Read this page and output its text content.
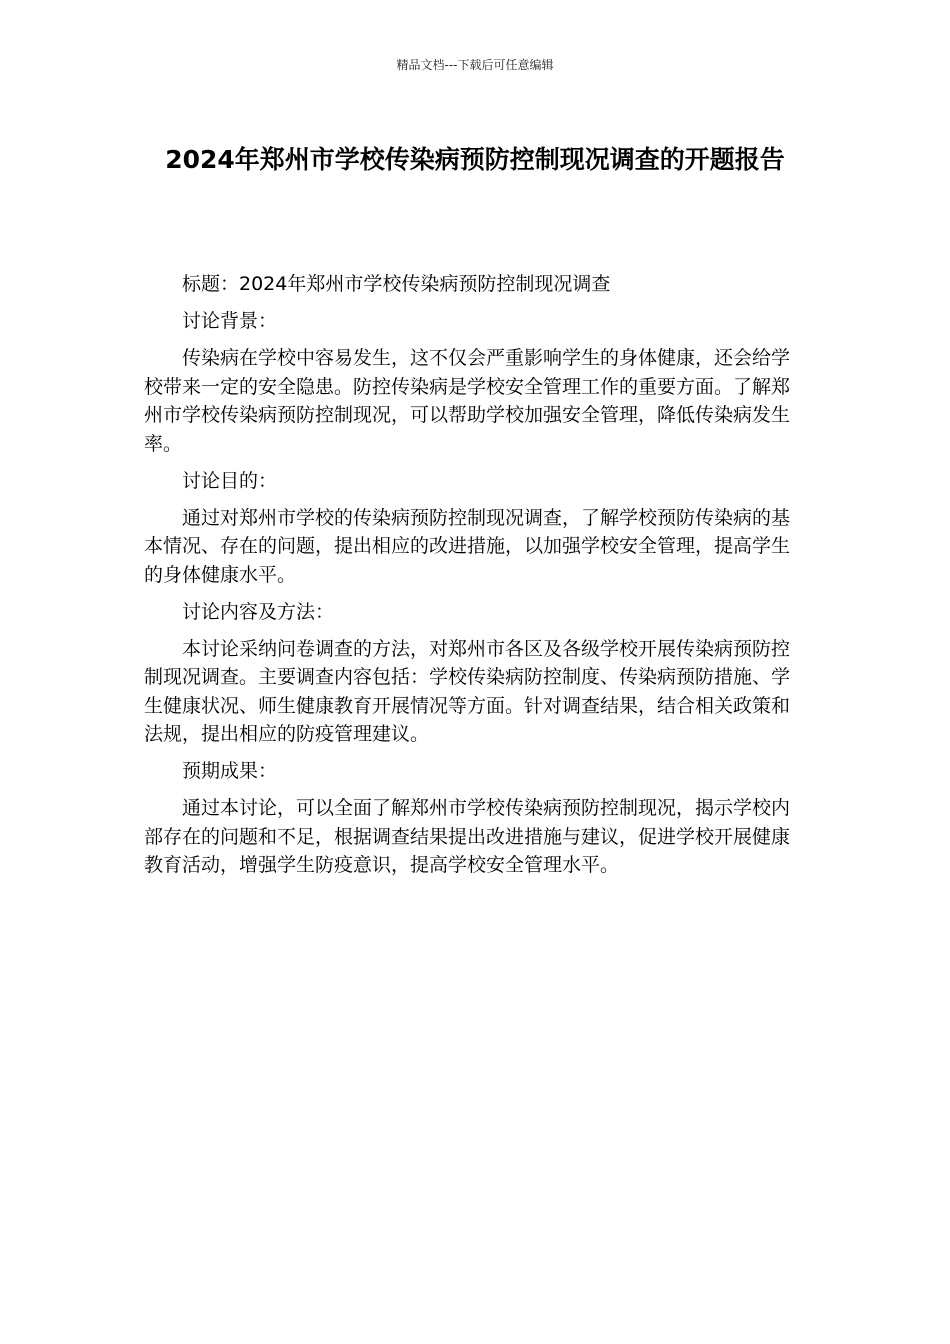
精品文档---下载后可任意编辑
2024年郑州市学校传染病预防控制现况调查的开题报告

标题：2024年郑州市学校传染病预防控制现况调查

讨论背景：

传染病在学校中容易发生，这不仅会严重影响学生的身体健康，还会给学校带来一定的安全隐患。防控传染病是学校安全管理工作的重要方面。了解郑州市学校传染病预防控制现况，可以帮助学校加强安全管理，降低传染病发生率。

讨论目的：

通过对郑州市学校的传染病预防控制现况调查，了解学校预防传染病的基本情况、存在的问题，提出相应的改进措施，以加强学校安全管理，提高学生的身体健康水平。

讨论内容及方法：

本讨论采纳问卷调查的方法，对郑州市各区及各级学校开展传染病预防控制现况调查。主要调查内容包括：学校传染病防控制度、传染病预防措施、学生健康状况、师生健康教育开展情况等方面。针对调查结果，结合相关政策和法规，提出相应的防疫管理建议。

预期成果：

通过本讨论，可以全面了解郑州市学校传染病预防控制现况，揭示学校内部存在的问题和不足，根据调查结果提出改进措施与建议，促进学校开展健康教育活动，增强学生防疫意识，提高学校安全管理水平。
